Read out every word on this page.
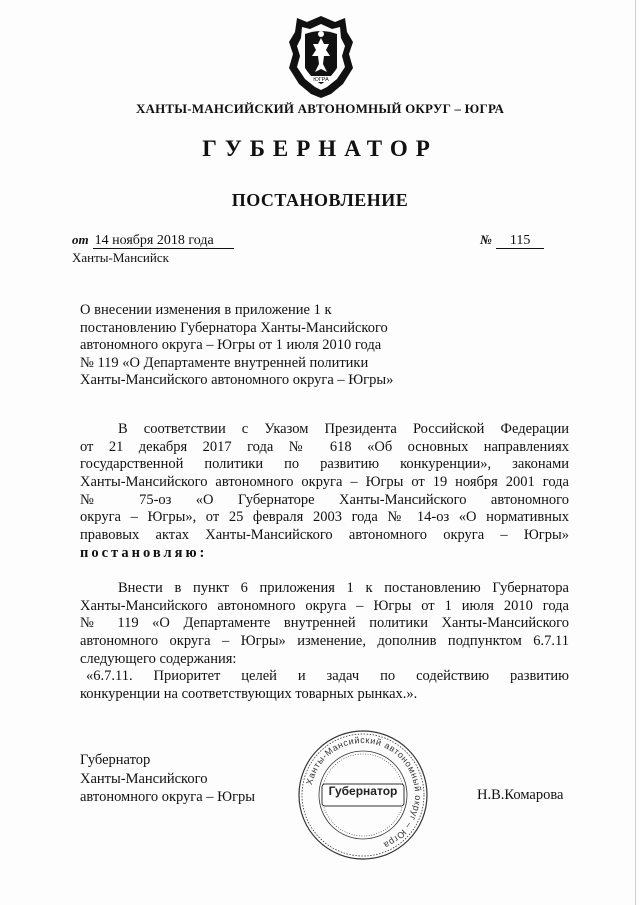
ЮГРА
ХАНТЫ-МАНСИЙСКИЙ АВТОНОМНЫЙ ОКРУГ – ЮГРА
ГУБЕРНАТОР
ПОСТАНОВЛЕНИЕ
от 14 ноября 2018 года	№ 115
Ханты-Мансийск
О внесении изменения в приложение 1 к
постановлению Губернатора Ханты-Мансийского
автономного округа – Югры от 1 июля 2010 года
№ 119 «О Департаменте внутренней политики
Ханты-Мансийского автономного округа – Югры»
В соответствии с Указом Президента Российской Федерации
от 21 декабря 2017 года № 618 «Об основных направлениях
государственной политики по развитию конкуренции», законами
Ханты-Мансийского автономного округа – Югры от 19 ноября 2001 года
№ 75-оз «О Губернаторе Ханты-Мансийского автономного
округа – Югры», от 25 февраля 2003 года № 14-оз «О нормативных
правовых актах Ханты-Мансийского автономного округа – Югры»
постановляю:
Внести в пункт 6 приложения 1 к постановлению Губернатора
Ханты-Мансийского автономного округа – Югры от 1 июля 2010 года
№ 119 «О Департаменте внутренней политики Ханты-Мансийского
автономного округа – Югры» изменение, дополнив подпунктом 6.7.11
следующего содержания:
«6.7.11. Приоритет целей и задач по содействию развитию
конкуренции на соответствующих товарных рынках.».
Губернатор
Ханты-Мансийского
автономного округа – Югры
Ханты-Мансийский автономный округ – Югра
Губернатор	Н.В.Комарова
